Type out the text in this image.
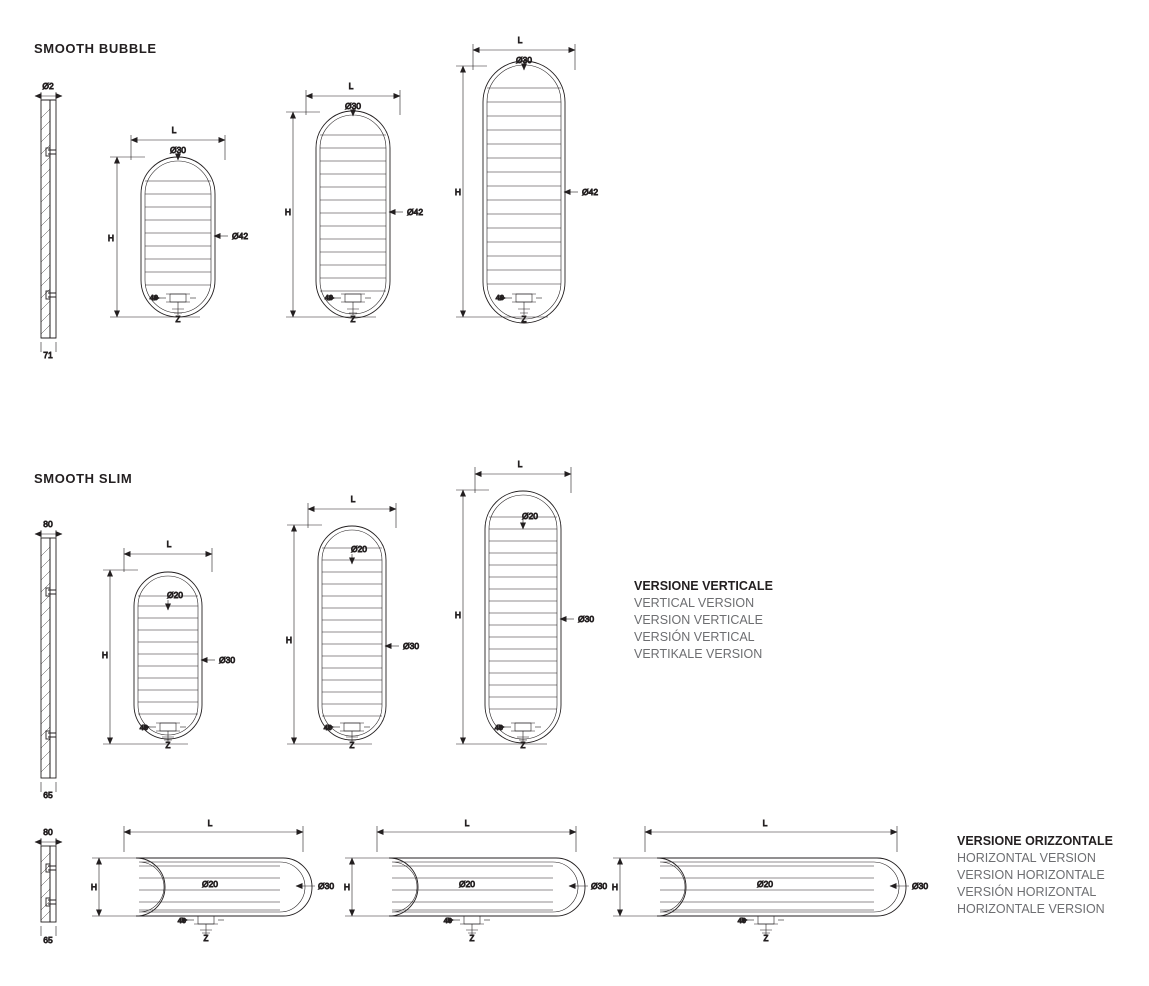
SMOOTH BUBBLE
SMOOTH SLIM
VERSIONE VERTICALE
VERTICAL VERSION
VERSION VERTICALE
VERSIÓN VERTICAL
VERTIKALE VERSION
VERSIONE ORIZZONTALE
HORIZONTAL VERSION
VERSION HORIZONTALE
VERSIÓN HORIZONTAL
HORIZONTALE VERSION
Ø2
71
L
Ø30
H	Ø42
40
Z
L
Ø30
H	Ø42
40
Z
L
Ø30
H	Ø42
40
Z
80
65
L
Ø20
H	Ø30
40
Z
L
Ø20
H
Ø30
40
Z
L
Ø20
H	Ø30
40
Z
80
65
L
Ø20
H	Ø30
40
Z
L
Ø20
H	Ø30
40
Z
L
Ø20
H	Ø30
40
Z
